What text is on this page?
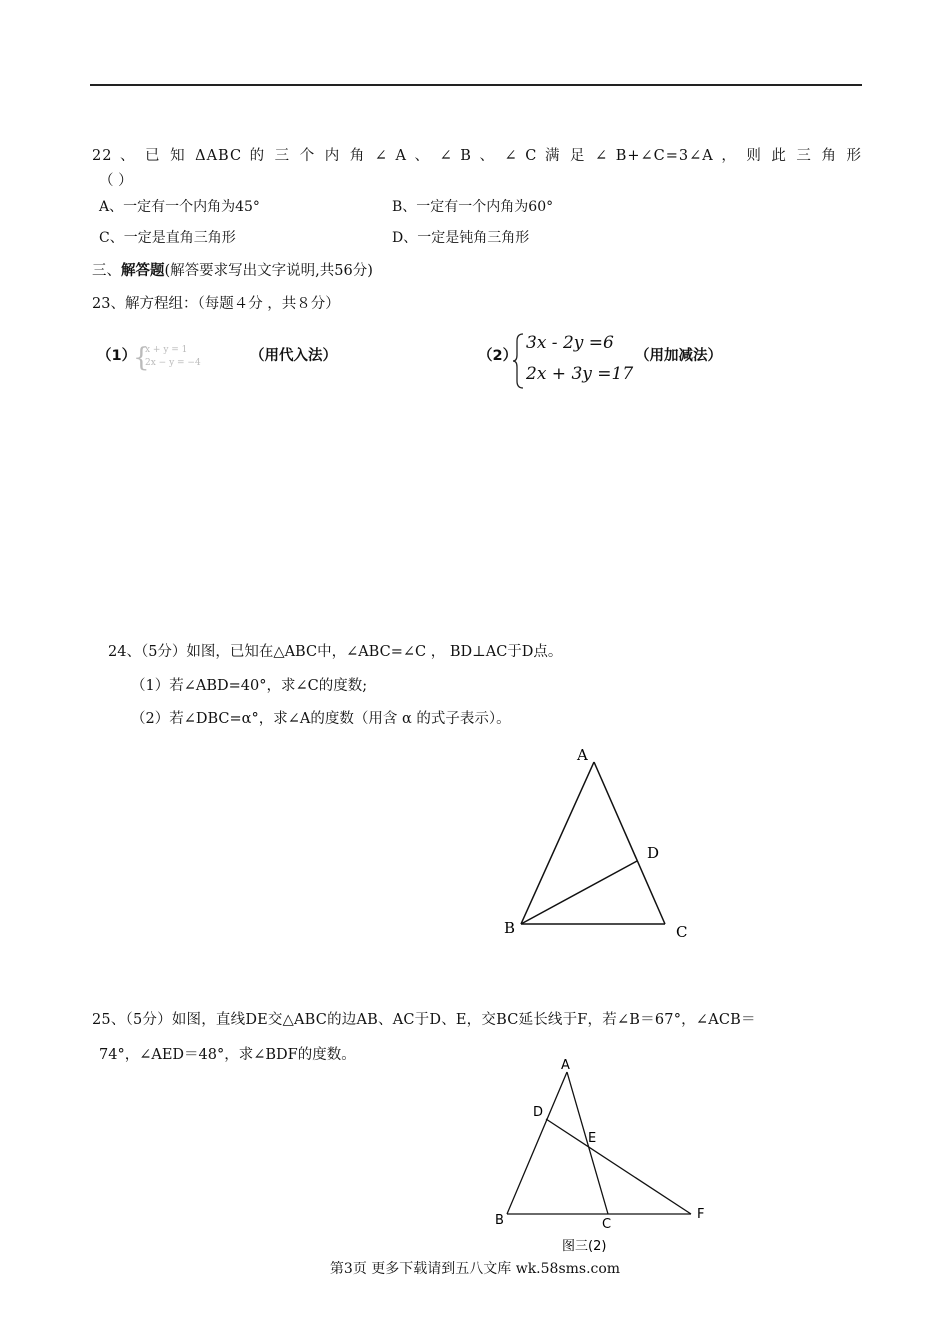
22 、 已 知 ΔABC 的 三 个 内 角 ∠ A 、 ∠ B 、 ∠ C 满 足 ∠ B+∠C=3∠A ， 则 此 三 角 形
（ ）
A、一定有一个内角为45°	B、一定有一个内角为60°
C、一定是直角三角形	D、一定是钝角三角形
三、解答题(解答要求写出文字说明,共56分)
23、解方程组：（每题４分 ，共８分）
（1）
{
x + y = 1
2x − y = −4	（用代入法）	（2）
3x - 2y =6
2x + 3y =17
（用加减法）
24、（5分）如图，已知在△ABC中，∠ABC=∠C ， BD⊥AC于D点。
（1）若∠ABD=40°，求∠C的度数;
（2）若∠DBC=α°，求∠A的度数（用含 α 的式子表示）。
A
D
B	C
25、（5分）如图，直线DE交△ABC的边AB、AC于D、E，交BC延长线于F，若∠B＝67°，∠ACB＝
74°，∠AED＝48°，求∠BDF的度数。
A
D
E
B	C
F
图三(2)
第3页 更多下载请到五八文库 wk.58sms.com
